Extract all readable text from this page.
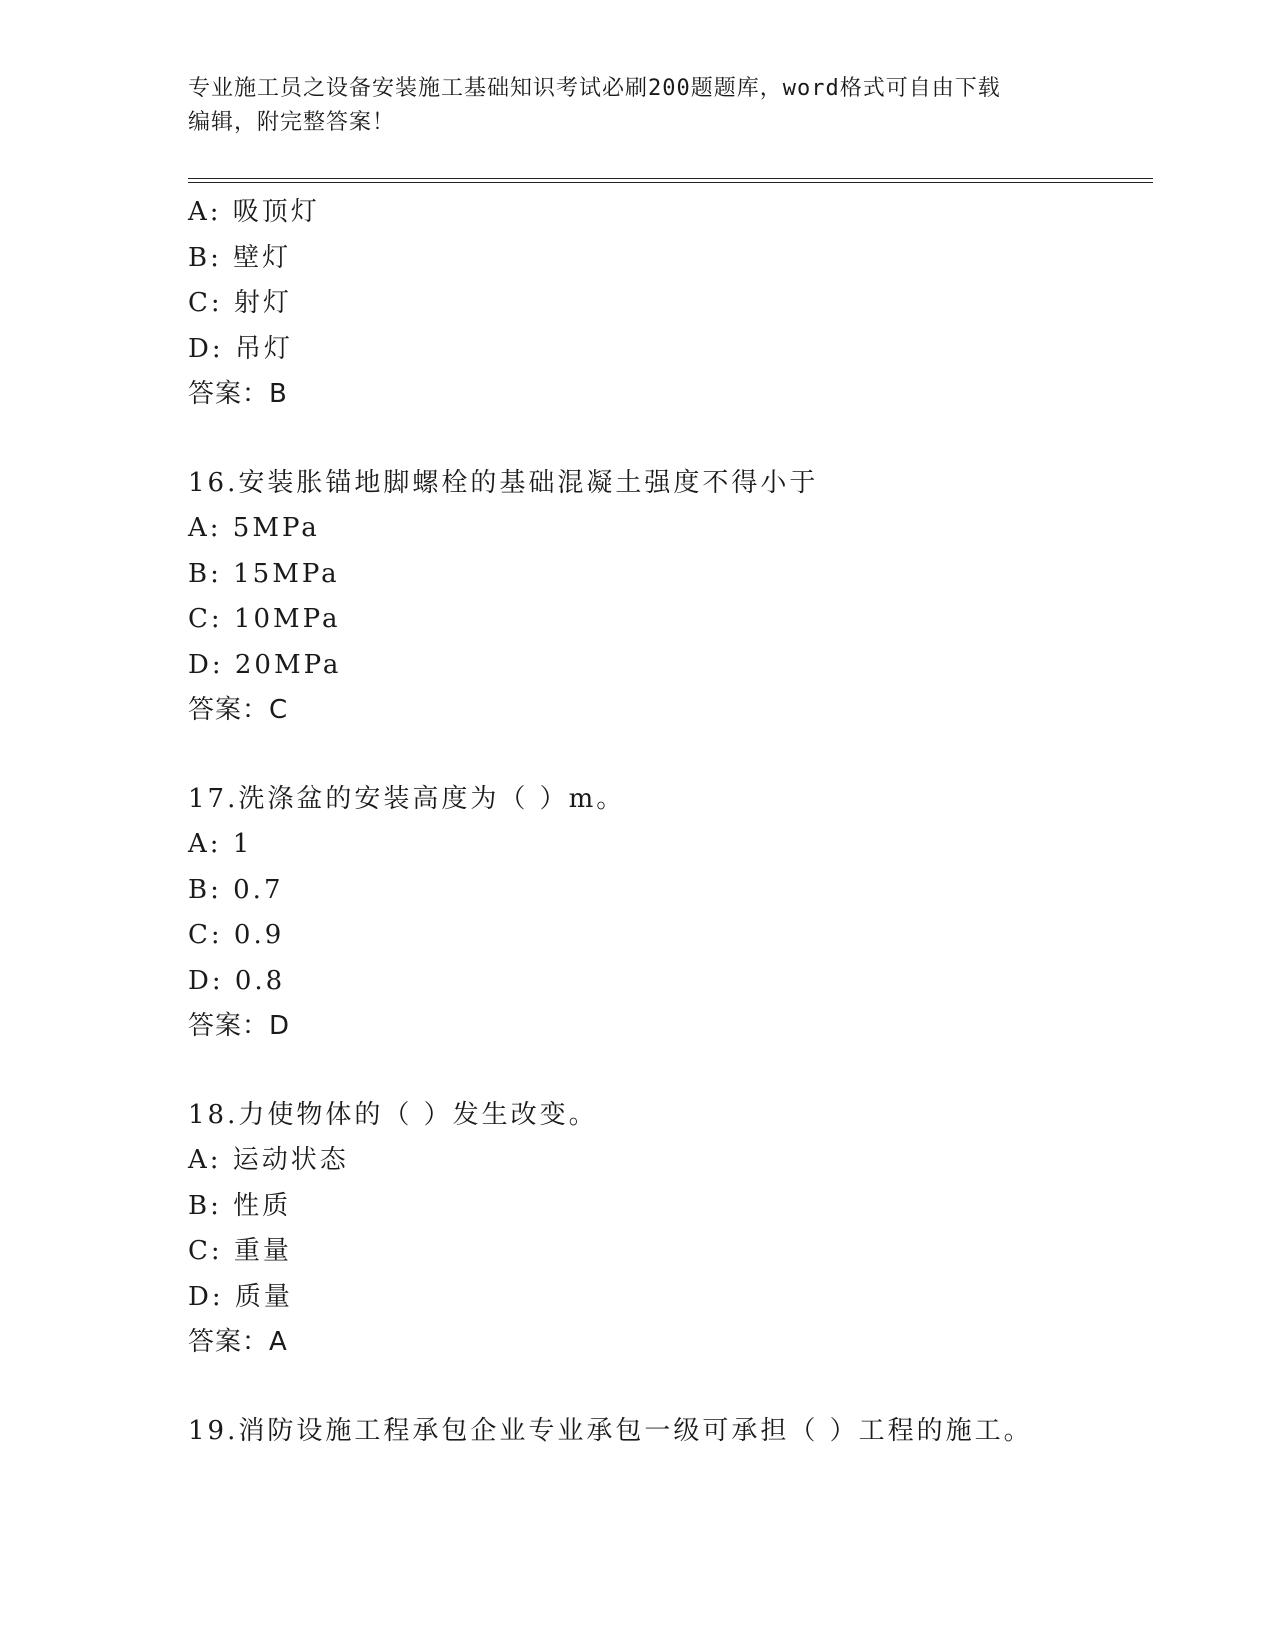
专业施工员之设备安装施工基础知识考试必刷200题题库，word格式可自由下载
编辑，附完整答案！
A: 吸顶灯
B: 壁灯
C: 射灯
D: 吊灯
答案：B
16.安装胀锚地脚螺栓的基础混凝土强度不得小于
A: 5MPa
B: 15MPa
C: 10MPa
D: 20MPa
答案：C
17.洗涤盆的安装高度为（ ）m。
A: 1
B: 0.7
C: 0.9
D: 0.8
答案：D
18.力使物体的（ ）发生改变。
A: 运动状态
B: 性质
C: 重量
D: 质量
答案：A
19.消防设施工程承包企业专业承包一级可承担（ ）工程的施工。
